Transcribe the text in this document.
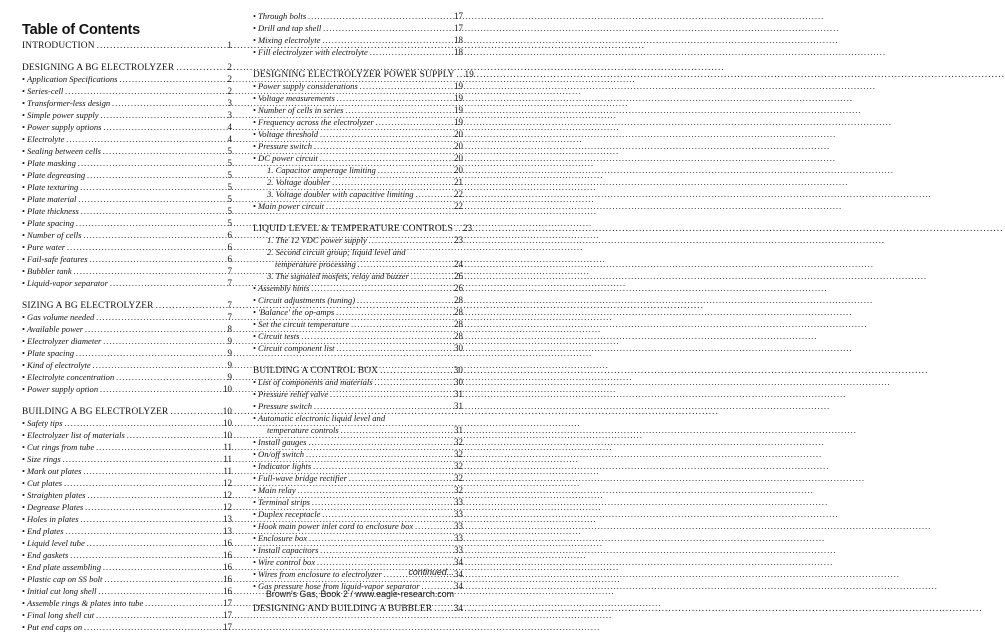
Table of Contents
INTRODUCTION .....	1
DESIGNING A BG ELECTROLYZER .....	2
• Application Specifications .....	2
• Series-cell .....	2
• Transformer-less design .....	3
• Simple power supply .....	3
• Power supply options .....	4
• Electrolyte .....	4
• Sealing between cells .....	5
• Plate masking .....	5
• Plate degreasing .....	5
• Plate texturing .....	5
• Plate material .....	5
• Plate thickness .....	5
• Plate spacing .....	5
• Number of cells .....	6
• Pure water .....	6
• Fail-safe features .....	6
• Bubbler tank .....	7
• Liquid-vapor separator .....	7
SIZING A BG ELECTROLYZER .....	7
• Gas volume needed .....	7
• Available power .....	8
• Electrolyzer diameter .....	9
• Plate spacing .....	9
• Kind of electrolyte .....	9
• Electrolyte concentration .....	9
• Power supply option .....	10
BUILDING A BG ELECTROLYZER .....	10
• Safety tips .....	10
• Electrolyzer list of materials .....	10
• Cut rings from tube .....	11
• Size rings .....	11
• Mark out plates .....	11
• Cut plates .....	12
• Straighten plates .....	12
• Degrease Plates .....	12
• Holes in plates .....	13
• End plates .....	13
• Liquid level tube .....	16
• End gaskets .....	16
• End plate assembling .....	16
• Plastic cap on SS bolt .....	16
• Initial cut long shell .....	16
• Assemble rings & plates into tube .....	17
• Final long shell cut .....	17
• Put end caps on .....	17
• Through bolts .....	17
• Drill and tap shell .....	17
• Mixing electrolyte .....	18
• Fill electrolyzer with electrolyte .....	18
DESIGNING ELECTROLYZER POWER SUPPLY ..... 19
• Power supply considerations .....	19
• Voltage measurements .....	19
• Number of cells in series .....	19
• Frequency across the electrolyzer .....	19
• Voltage threshold .....	20
• Pressure switch .....	20
• DC power circuit .....	20
1. Capacitor amperage limiting .....	20
2. Voltage doubler .....	21
3. Voltage doubler with capacitive limiting .....	22
• Main power circuit .....	22
LIQUID LEVEL & TEMPERATURE CONTROLS ..... 23
1. The 12 VDC power supply .....	23
2. Second circuit group; liquid level and
temperature processing .....	24
3. The signaled mosfets, relay and buzzer .....	26
• Assembly hints .....	26
• Circuit adjustments (tuning) .....	28
• 'Balance' the op-amps .....	28
• Set the circuit temperature .....	28
• Circuit tests .....	28
• Circuit component list .....	30
BUILDING A CONTROL BOX .....	30
• List of components and materials .....	30
• Pressure relief valve .....	31
• Pressure switch .....	31
• Automatic electronic liquid level and
temperature controls .....	31
• Install gauges .....	32
• On/off switch .....	32
• Indicator lights .....	32
• Full-wave bridge rectifier .....	32
• Main relay .....	32
• Terminal strips .....	33
• Duplex receptacle .....	33
• Hook main power inlet cord to enclosure box .....	33
• Enclosure box .....	33
• Install capacitors .....	33
• Wire control box .....	34
• Wires from enclosure to electrolyzer .....	34
• Gas pressure hose from liquid-vapor separator .....	34
DESIGNING AND BUILDING A BUBBLER ..... 34
continued...
Brown's Gas, Book 2 / www.eagle-research.com
